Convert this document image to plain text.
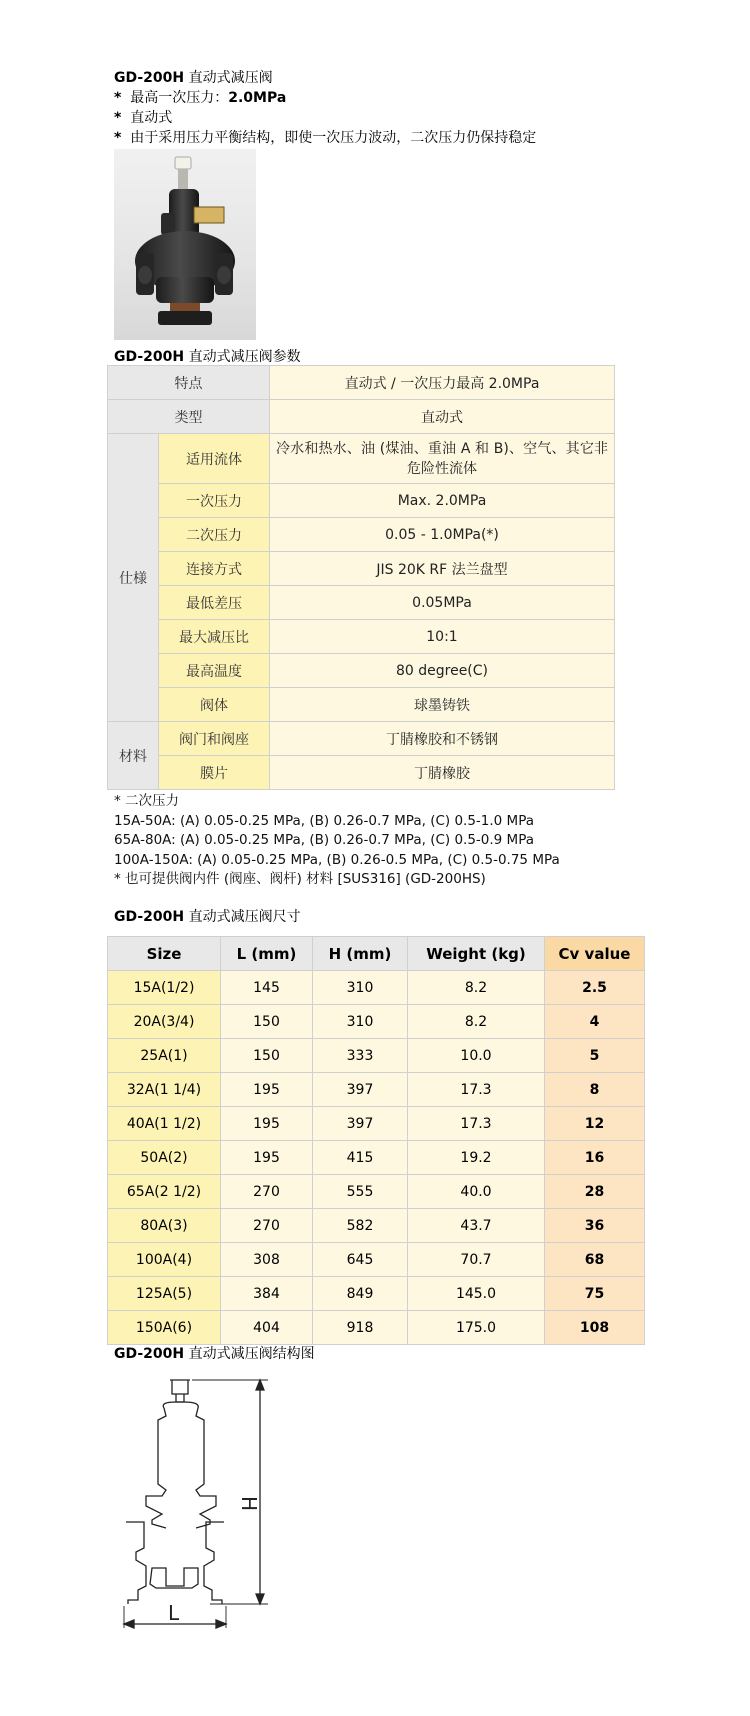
GD-200H 直动式减压阀
* 最高一次压力：2.0MPa
* 直动式
* 由于采用压力平衡结构，即使一次压力波动，二次压力仍保持稳定
GD-200H 直动式减压阀参数
特点		直动式 / 一次压力最高 2.0MPa
类型		直动式
仕様	适用流体	冷水和热水、油 (煤油、重油 A 和 B)、空气、其它非危险性流体
	一次压力	Max. 2.0MPa
	二次压力	0.05 - 1.0MPa(*)
	连接方式	JIS 20K RF 法兰盘型
	最低差压	0.05MPa
	最大减压比	10:1
	最高温度	80 degree(C)
	阀体	球墨铸铁
材料	阀门和阀座	丁腈橡胶和不锈钢
	膜片	丁腈橡胶
* 二次压力
15A-50A: (A) 0.05-0.25 MPa, (B) 0.26-0.7 MPa, (C) 0.5-1.0 MPa
65A-80A: (A) 0.05-0.25 MPa, (B) 0.26-0.7 MPa, (C) 0.5-0.9 MPa
100A-150A: (A) 0.05-0.25 MPa, (B) 0.26-0.5 MPa, (C) 0.5-0.75 MPa
* 也可提供阀内件 (阀座、阀杆) 材料 [SUS316] (GD-200HS)
GD-200H 直动式减压阀尺寸
Size	L (mm)	H (mm)	Weight (kg)	Cv value
15A(1/2)	145	310	8.2	2.5
20A(3/4)	150	310	8.2	4
25A(1)	150	333	10.0	5
32A(1 1/4)	195	397	17.3	8
40A(1 1/2)	195	397	17.3	12
50A(2)	195	415	19.2	16
65A(2 1/2)	270	555	40.0	28
80A(3)	270	582	43.7	36
100A(4)	308	645	70.7	68
125A(5)	384	849	145.0	75
150A(6)	404	918	175.0	108
GD-200H 直动式减压阀结构图
H
L
